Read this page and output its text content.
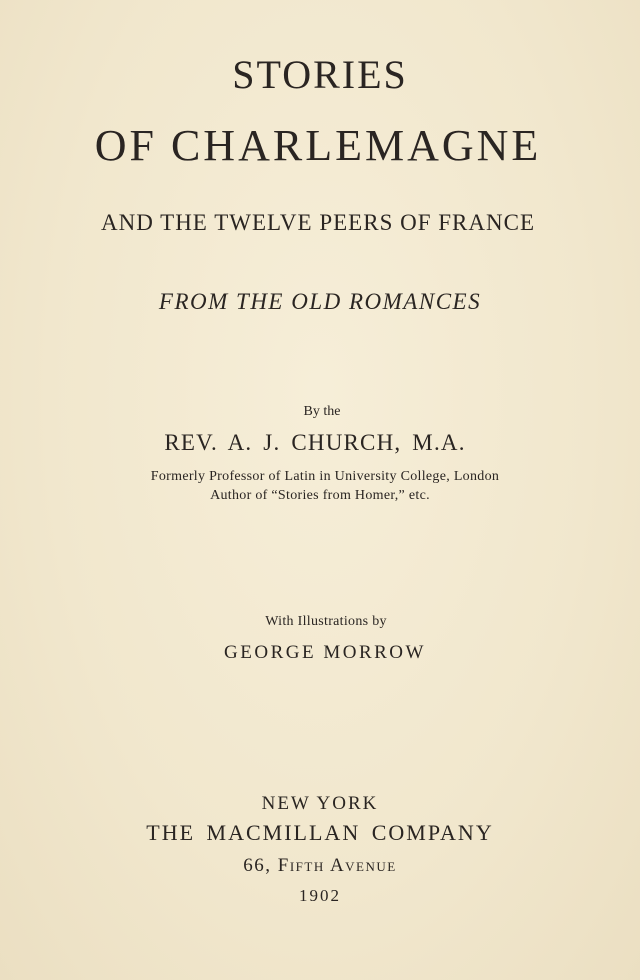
STORIES
OF CHARLEMAGNE
AND THE TWELVE PEERS OF FRANCE
FROM THE OLD ROMANCES
By the
REV. A. J. CHURCH, M.A.
Formerly Professor of Latin in University College, London
Author of “Stories from Homer,” etc.
With Illustrations by
GEORGE MORROW
NEW YORK
THE MACMILLAN COMPANY
66, Fifth Avenue
1902
